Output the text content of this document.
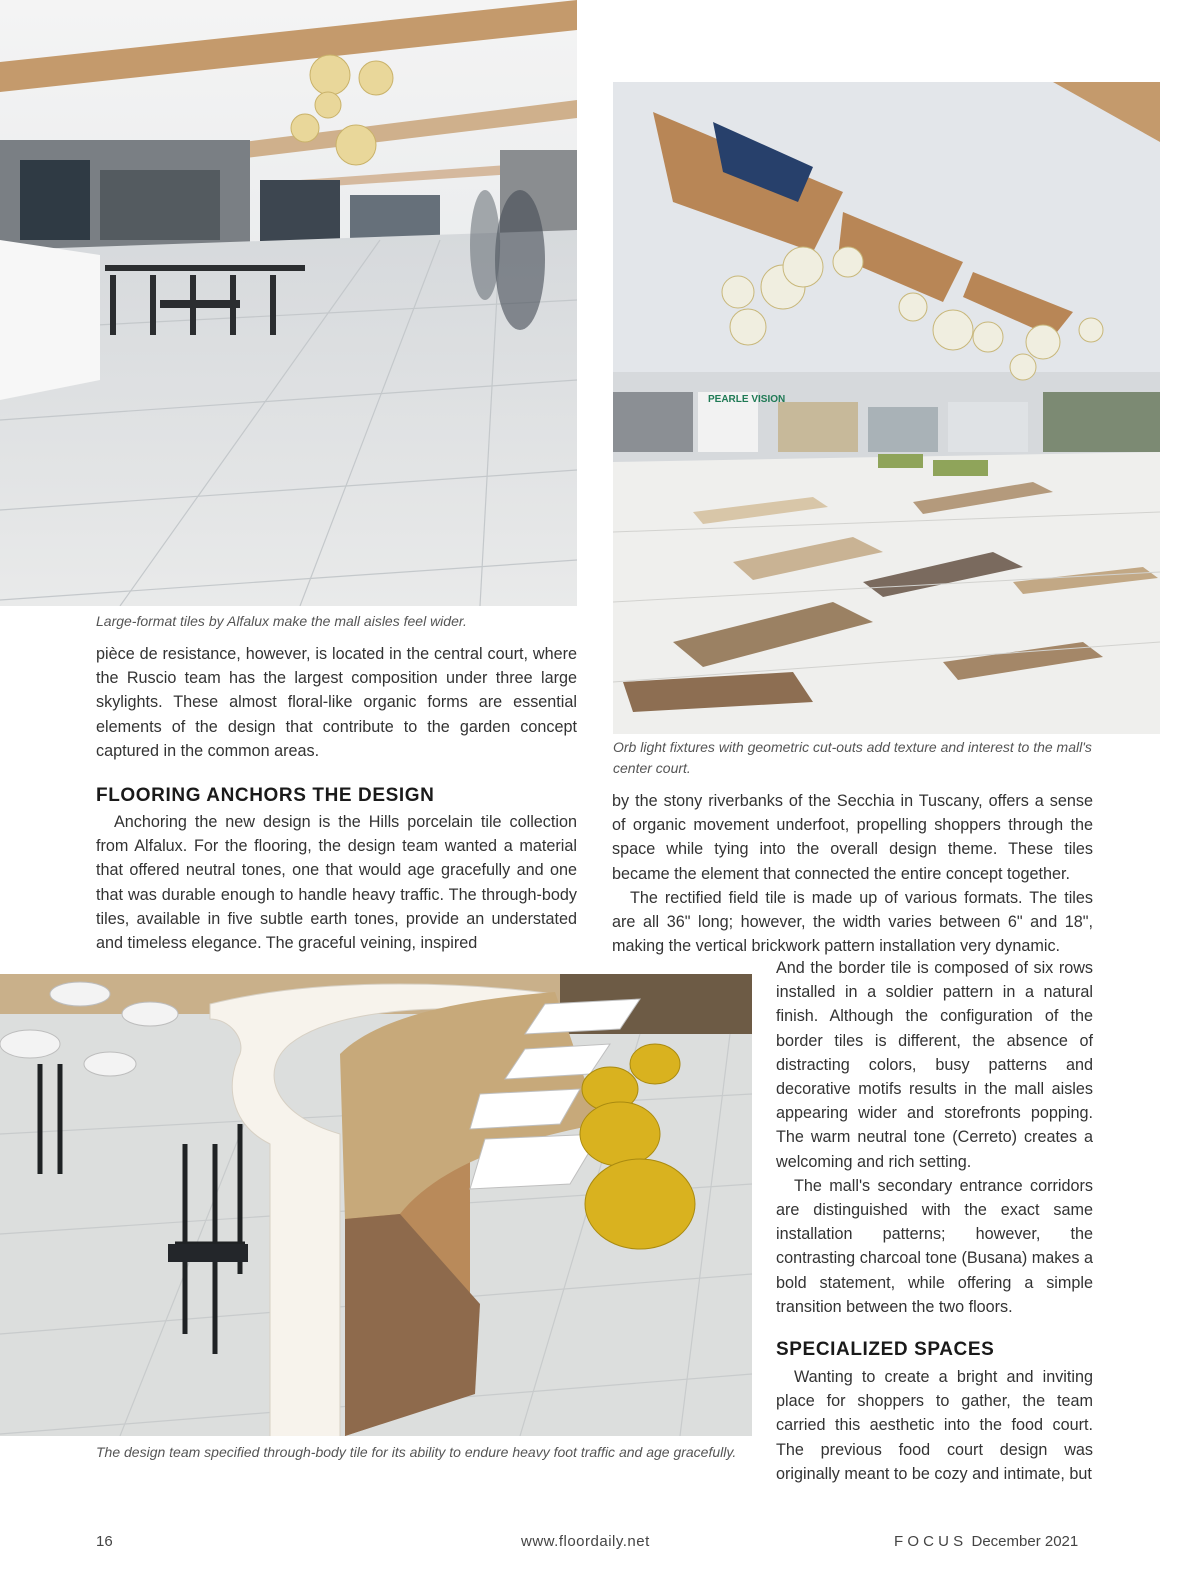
Large-format tiles by Alfalux make the mall aisles feel wider.
PEARLE VISION
Orb light fixtures with geometric cut-outs add texture and interest to the mall's center court.

pièce de resistance, however, is located in the central court, where the Ruscio team has the largest composition under three large skylights. These almost floral-like organic forms are essential elements of the design that contribute to the garden concept captured in the common areas.

FLOORING ANCHORS THE DESIGN

Anchoring the new design is the Hills porcelain tile collection from Alfalux. For the flooring, the design team wanted a material that offered neutral tones, one that would age gracefully and one that was durable enough to handle heavy traffic. The through-body tiles, available in five subtle earth tones, provide an understated and timeless elegance. The graceful veining, inspired

by the stony riverbanks of the Secchia in Tuscany, offers a sense of organic movement underfoot, propelling shoppers through the space while tying into the overall design theme. These tiles became the element that connected the entire concept together.

The rectified field tile is made up of various formats. The tiles are all 36" long; however, the width varies between 6" and 18", making the vertical brickwork pattern installation very dynamic.

And the border tile is composed of six rows installed in a soldier pattern in a natural finish. Although the configuration of the border tiles is different, the absence of distracting colors, busy patterns and decorative motifs results in the mall aisles appearing wider and storefronts popping. The warm neutral tone (Cerreto) creates a welcoming and rich setting.

The mall's secondary entrance corridors are distinguished with the exact same installation patterns; however, the contrasting charcoal tone (Busana) makes a bold statement, while offering a simple transition between the two floors.

SPECIALIZED SPACES

Wanting to create a bright and inviting place for shoppers to gather, the team carried this aesthetic into the food court. The previous food court design was originally meant to be cozy and intimate, but

The design team specified through-body tile for its ability to endure heavy foot traffic and age gracefully.
16	www.floordaily.net	F O C U S  December 2021
